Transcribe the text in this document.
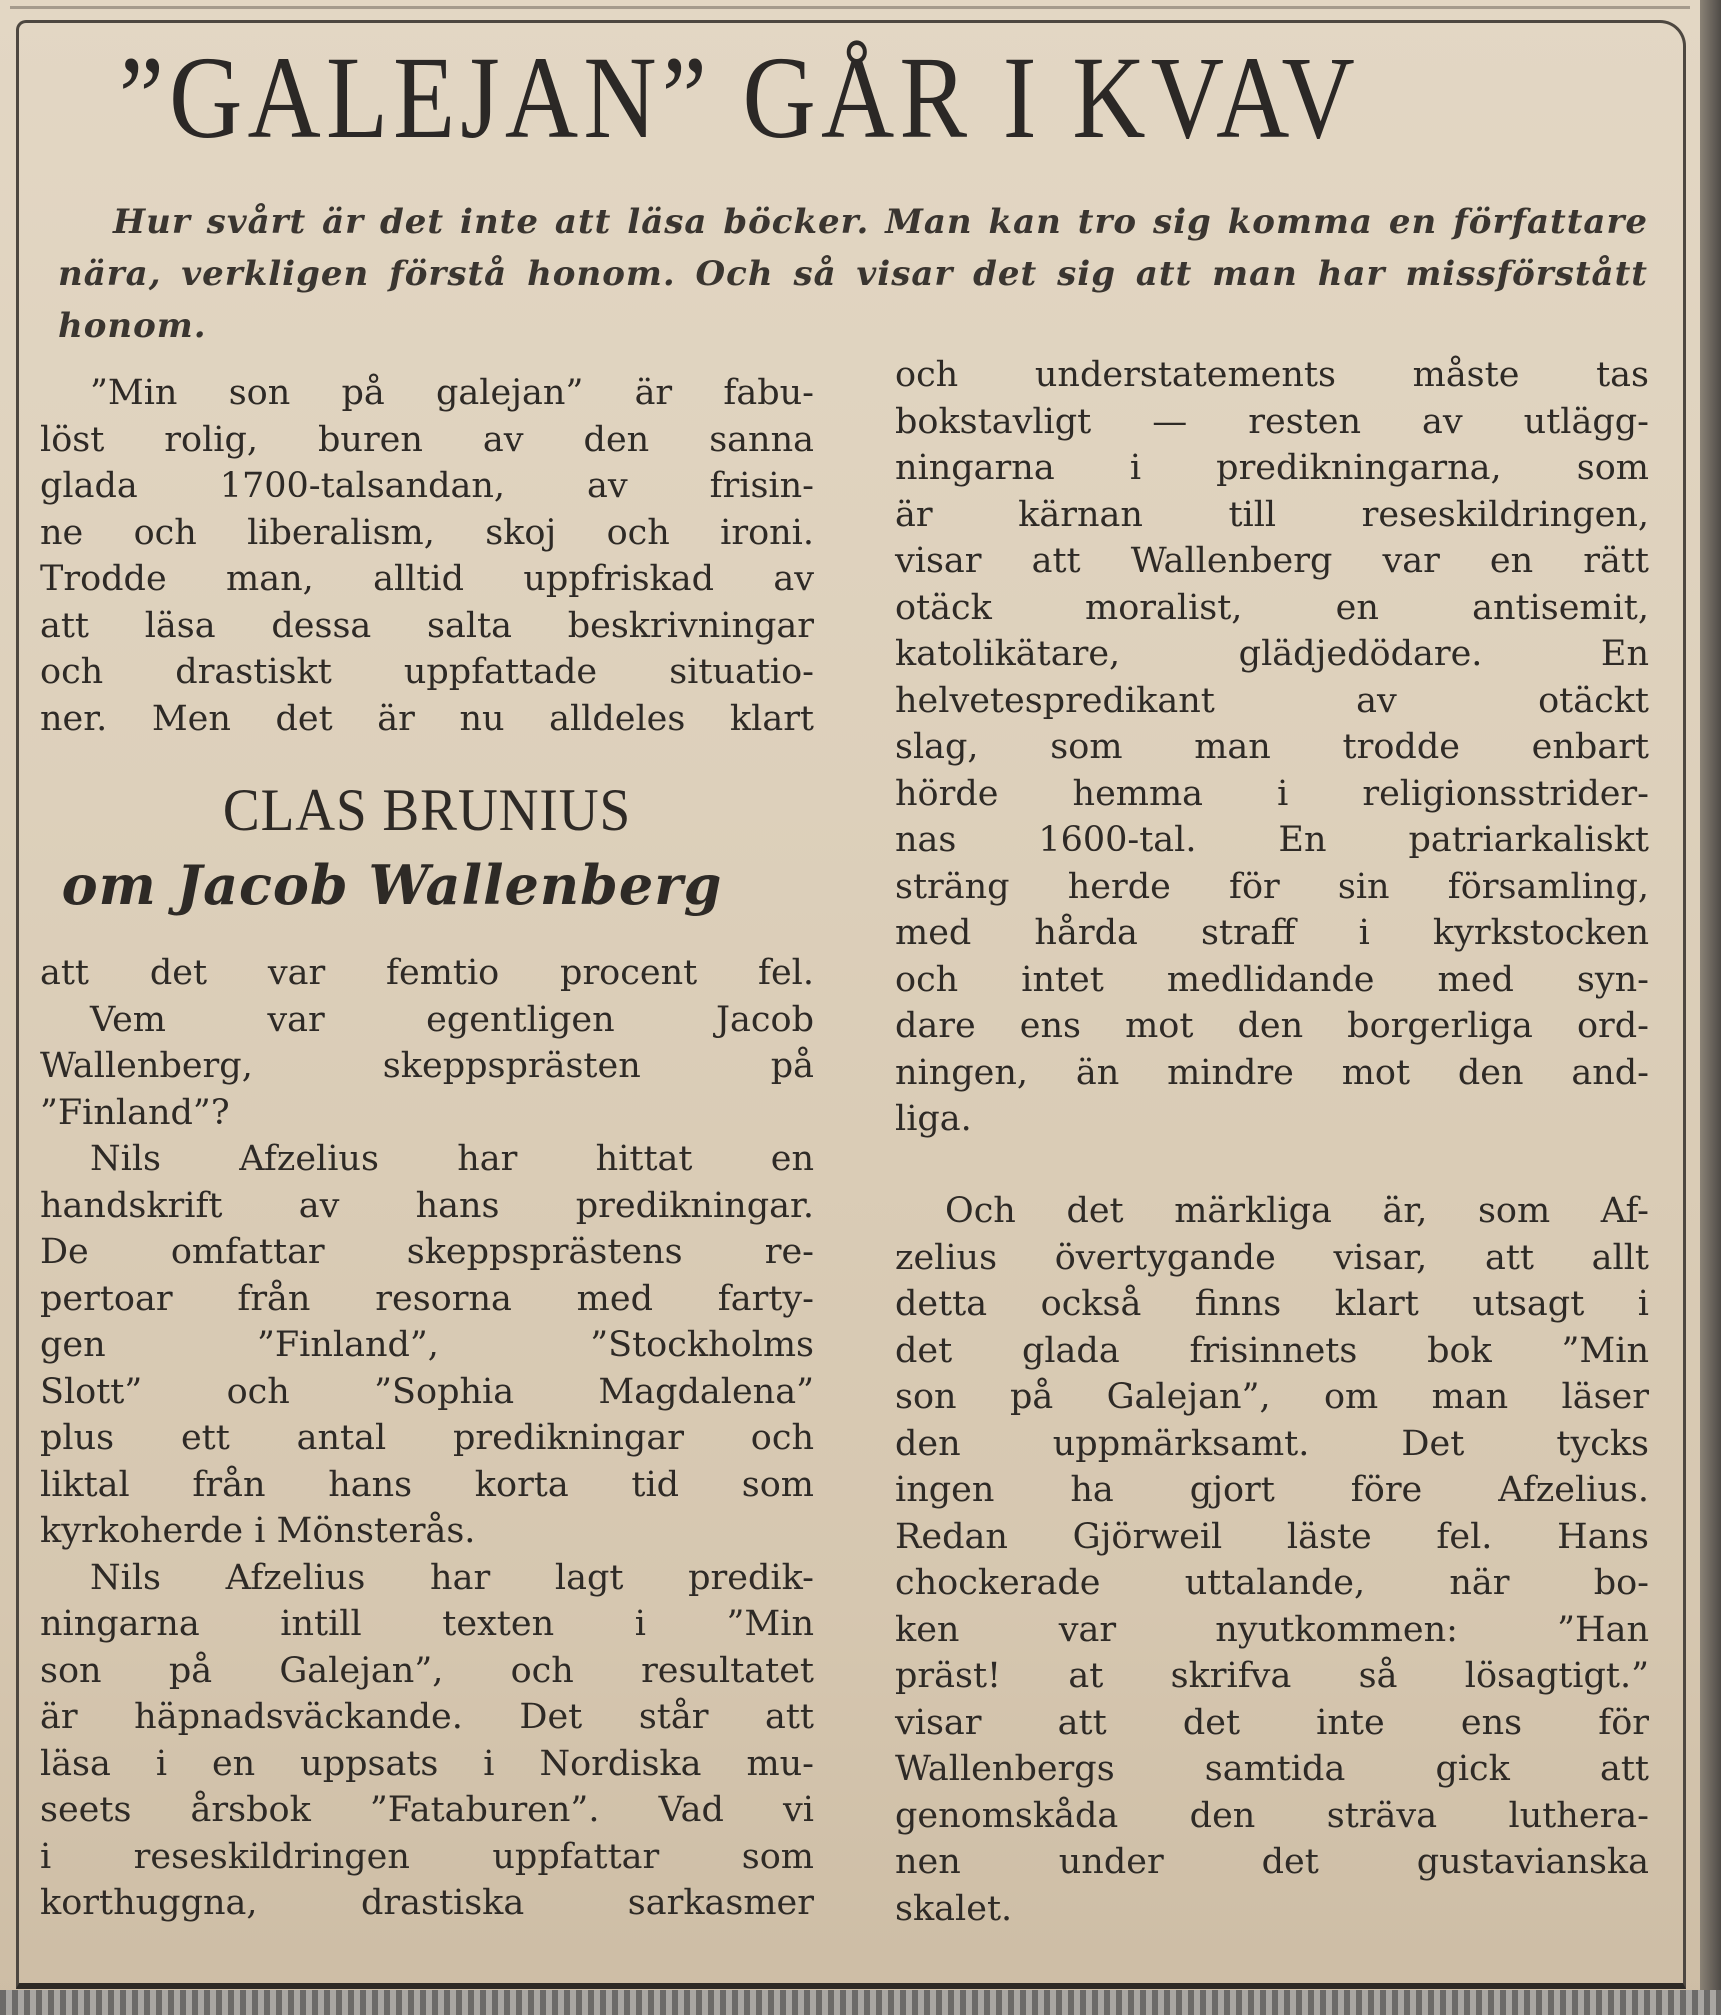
”GALEJAN” GÅR I KVAV

Hur svårt är det inte att läsa böcker. Man kan tro sig komma en författare nära, verkligen förstå honom. Och så visar det sig att man har missförstått honom.

”Min son på galejan” är fabu-
löst rolig, buren av den sanna
glada 1700-talsandan, av frisin-
ne och liberalism, skoj och ironi.
Trodde man, alltid uppfriskad av
att läsa dessa salta beskrivningar
och drastiskt uppfattade situatio-
ner. Men det är nu alldeles klart
CLAS BRUNIUS
om Jacob Wallenberg
att det var femtio procent fel.
Vem var egentligen Jacob
Wallenberg, skeppsprästen på
”Finland”?
Nils Afzelius har hittat en
handskrift av hans predikningar.
De omfattar skeppsprästens re-
pertoar från resorna med farty-
gen ”Finland”, ”Stockholms
Slott” och ”Sophia Magdalena”
plus ett antal predikningar och
liktal från hans korta tid som
kyrkoherde i Mönsterås.
Nils Afzelius har lagt predik-
ningarna intill texten i ”Min
son på Galejan”, och resultatet
är häpnadsväckande. Det står att
läsa i en uppsats i Nordiska mu-
seets årsbok ”Fataburen”. Vad vi
i reseskildringen uppfattar som
korthuggna, drastiska sarkasmer
och understatements måste tas
bokstavligt — resten av utlägg-
ningarna i predikningarna, som
är kärnan till reseskildringen,
visar att Wallenberg var en rätt
otäck moralist, en antisemit,
katolikätare, glädjedödare. En
helvetespredikant av otäckt
slag, som man trodde enbart
hörde hemma i religionsstrider-
nas 1600-tal. En patriarkaliskt
sträng herde för sin församling,
med hårda straff i kyrkstocken
och intet medlidande med syn-
dare ens mot den borgerliga ord-
ningen, än mindre mot den and-
liga.
Och det märkliga är, som Af-
zelius övertygande visar, att allt
detta också finns klart utsagt i
det glada frisinnets bok ”Min
son på Galejan”, om man läser
den uppmärksamt. Det tycks
ingen ha gjort före Afzelius.
Redan Gjörweil läste fel. Hans
chockerade uttalande, när bo-
ken var nyutkommen: ”Han
präst! at skrifva så lösagtigt.”
visar att det inte ens för
Wallenbergs samtida gick att
genomskåda den sträva luthera-
nen under det gustavianska
skalet.
